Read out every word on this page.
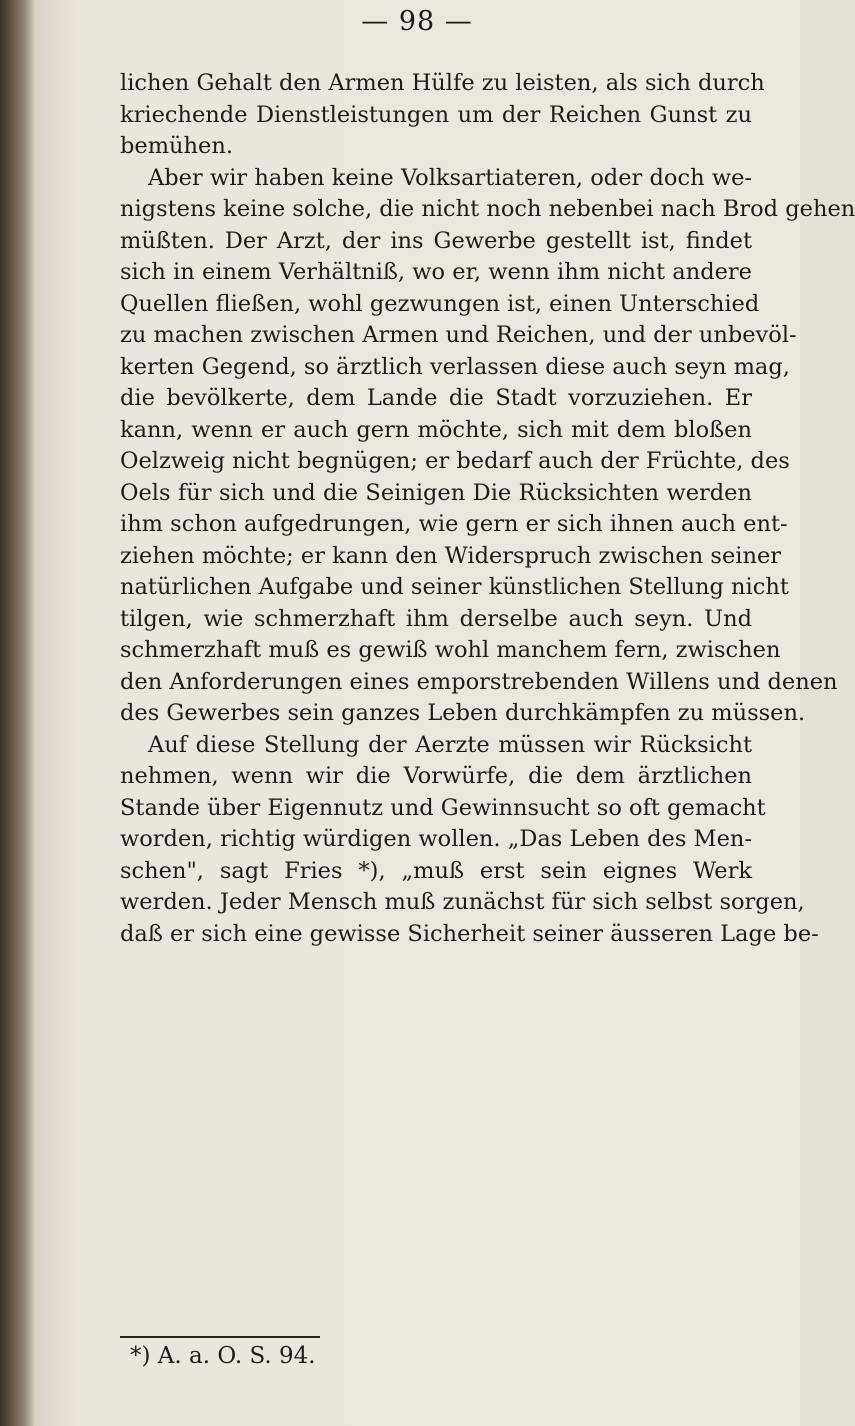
— 98 —
lichen Gehalt den Armen Hülfe zu leisten, als sich durch
kriechende Dienstleistungen um der Reichen Gunst zu
bemühen.
Aber wir haben keine Volksartiateren, oder doch we-
nigstens keine solche, die nicht noch nebenbei nach Brod gehen
müßten. Der Arzt, der ins Gewerbe gestellt ist, findet
sich in einem Verhältniß, wo er, wenn ihm nicht andere
Quellen fließen, wohl gezwungen ist, einen Unterschied
zu machen zwischen Armen und Reichen, und der unbevöl-
kerten Gegend, so ärztlich verlassen diese auch seyn mag,
die bevölkerte, dem Lande die Stadt vorzuziehen. Er
kann, wenn er auch gern möchte, sich mit dem bloßen
Oelzweig nicht begnügen; er bedarf auch der Früchte, des
Oels für sich und die Seinigen Die Rücksichten werden
ihm schon aufgedrungen, wie gern er sich ihnen auch ent-
ziehen möchte; er kann den Widerspruch zwischen seiner
natürlichen Aufgabe und seiner künstlichen Stellung nicht
tilgen, wie schmerzhaft ihm derselbe auch seyn. Und
schmerzhaft muß es gewiß wohl manchem fern, zwischen
den Anforderungen eines emporstrebenden Willens und denen
des Gewerbes sein ganzes Leben durchkämpfen zu müssen.
Auf diese Stellung der Aerzte müssen wir Rücksicht
nehmen, wenn wir die Vorwürfe, die dem ärztlichen
Stande über Eigennutz und Gewinnsucht so oft gemacht
worden, richtig würdigen wollen. „Das Leben des Men-
schen", sagt Fries *), „muß erst sein eignes Werk
werden. Jeder Mensch muß zunächst für sich selbst sorgen,
daß er sich eine gewisse Sicherheit seiner äusseren Lage be-
*) A. a. O. S. 94.
